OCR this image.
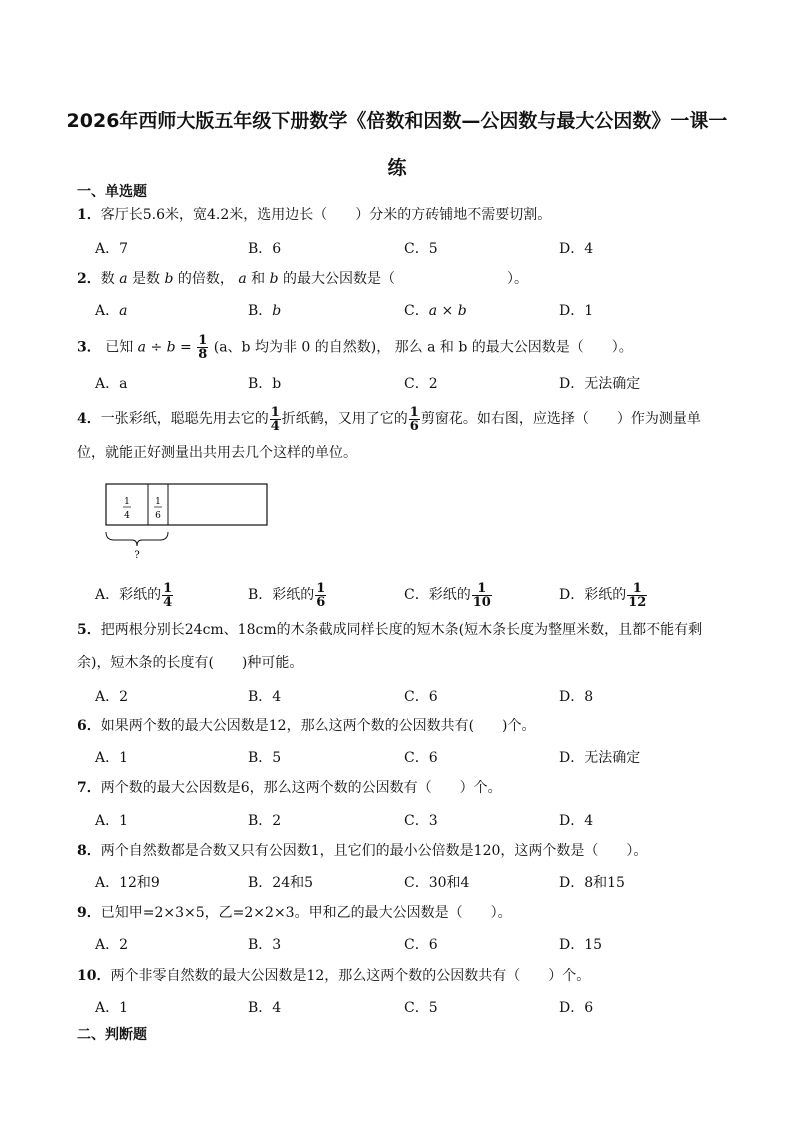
2026年西师大版五年级下册数学《倍数和因数—公因数与最大公因数》一课一练
一、单选题
1．客厅长5.6米，宽4.2米，选用边长（　　）分米的方砖铺地不需要切割。
A．7	B．6	C．5	D．4
2．数 a 是数 b 的倍数， a 和 b 的最大公因数是（　　　　　　　　）。
A．a	B．b	C．a × b	D．1
3． 已知 $a \div b = \frac{1}{8} (a$、b 均为非 0 的自然数)， 那么 a 和 b 的最大公因数是（　　）。
A．a	B．b	C．2	D．无法确定
4．一张彩纸，聪聪先用去它的 $\frac{1}{4}$ 折纸鹤，又用了它的 $\frac{1}{6}$ 剪窗花。如右图，应选择（　　）作为测量单位，就能正好测量出共用去几个这样的单位。
1
4
1
6
?
A．彩纸的 $\frac{1}{4}$	B．彩纸的 $\frac{1}{6}$	C．彩纸的 $\frac{1}{10}$	D．彩纸的 $\frac{1}{12}$
5．把两根分别长24cm、18cm的木条截成同样长度的短木条(短木条长度为整厘米数，且都不能有剩余)，短木条的长度有(　　)种可能。
A．2	B．4	C．6	D．8
6．如果两个数的最大公因数是12，那么这两个数的公因数共有(　　)个。
A．1	B．5	C．6	D．无法确定
7．两个数的最大公因数是6，那么这两个数的公因数有（　　）个。
A．1	B．2	C．3	D．4
8．两个自然数都是合数又只有公因数1，且它们的最小公倍数是120，这两个数是（　　）。
A．12和9	B．24和5	C．30和4	D．8和15
9．已知甲=2×3×5，乙=2×2×3。甲和乙的最大公因数是（　　）。
A．2	B．3	C．6	D．15
10．两个非零自然数的最大公因数是12，那么这两个数的公因数共有（　　）个。
A．1	B．4	C．5	D．6
二、判断题
